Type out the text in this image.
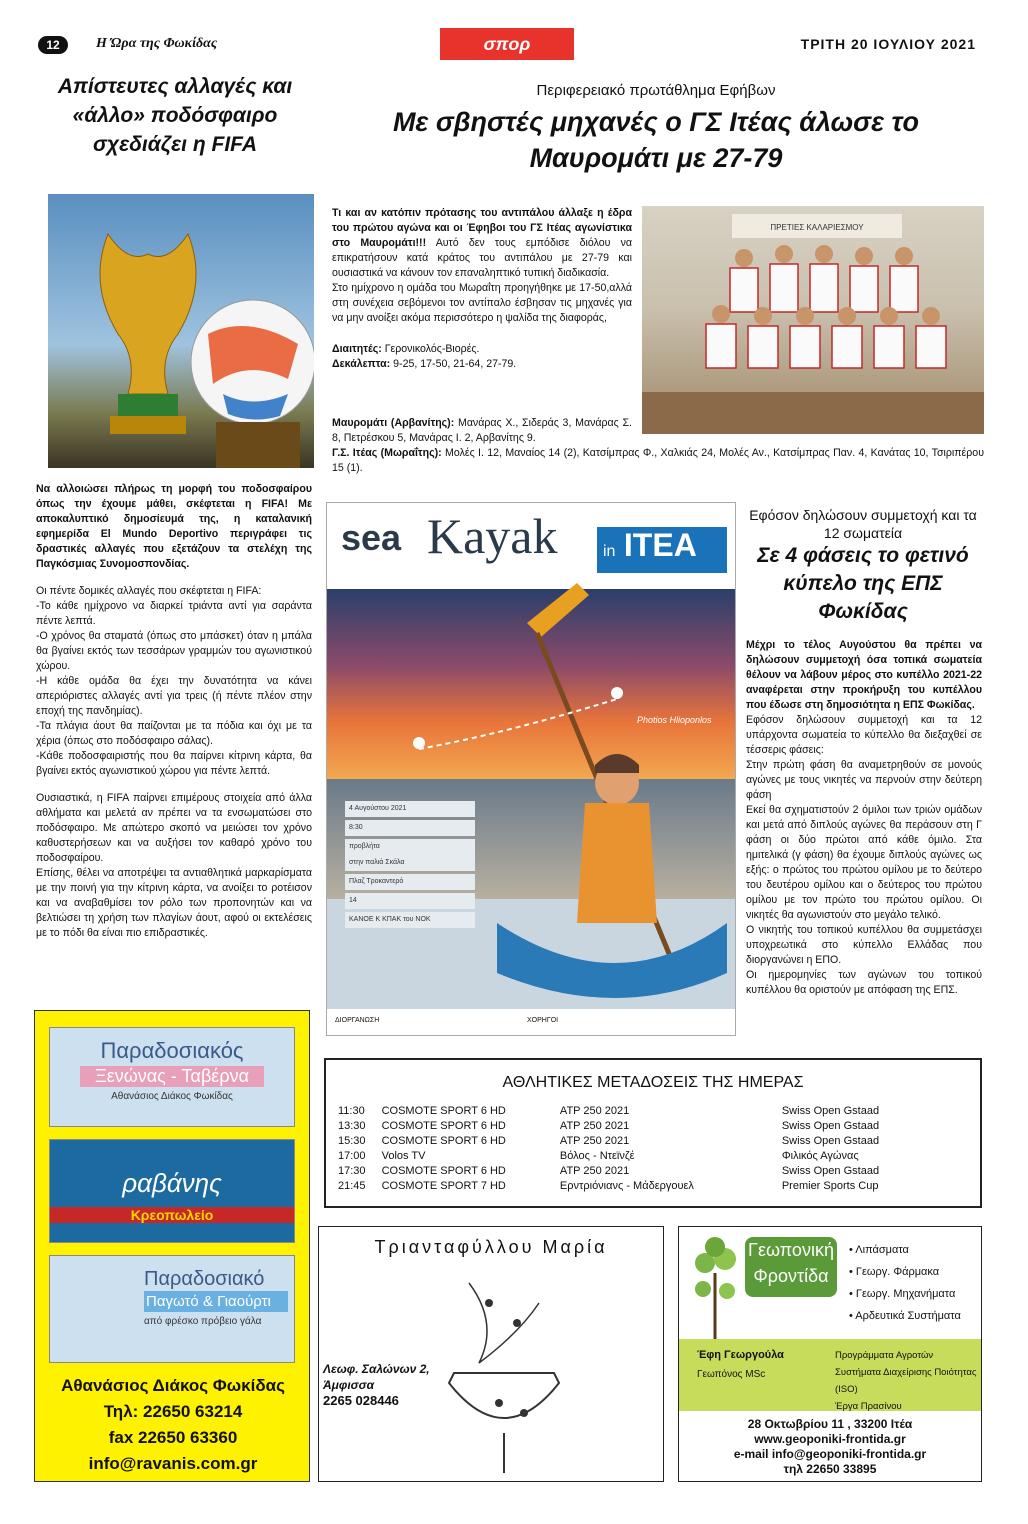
12	Η Ώρα της Φωκίδας	σπορ	ΤΡΙΤΗ 20 ΙΟΥΛΙΟΥ 2021
Απίστευτες αλλαγές και «άλλο» ποδόσφαιρο σχεδιάζει η FIFA

Να αλλοιώσει πλήρως τη μορφή του ποδοσφαίρου όπως την έχουμε μάθει, σκέφτεται η FIFA! Με αποκαλυπτικό δημοσίευμά της, η καταλανική εφημερίδα El Mundo Deportivo περιγράφει τις δραστικές αλλαγές που εξετάζουν τα στελέχη της Παγκόσμιας Συνομοσπονδίας.

Οι πέντε δομικές αλλαγές που σκέφτεται η FIFA:

-Το κάθε ημίχρονο να διαρκεί τριάντα αντί για σαράντα πέντε λεπτά.

-Ο χρόνος θα σταματά (όπως στο μπάσκετ) όταν η μπάλα θα βγαίνει εκτός των τεσσάρων γραμμών του αγωνιστικού χώρου.

-Η κάθε ομάδα θα έχει την δυνατότητα να κάνει απεριόριστες αλλαγές αντί για τρεις (ή πέντε πλέον στην εποχή της πανδημίας).

-Τα πλάγια άουτ θα παίζονται με τα πόδια και όχι με τα χέρια (όπως στο ποδόσφαιρο σάλας).

-Κάθε ποδοσφαιριστής που θα παίρνει κίτρινη κάρτα, θα βγαίνει εκτός αγωνιστικού χώρου για πέντε λεπτά.

Ουσιαστικά, η FIFA παίρνει επιμέρους στοιχεία από άλλα αθλήματα και μελετά αν πρέπει να τα ενσωματώσει στο ποδόσφαιρο. Με απώτερο σκοπό να μειώσει τον χρόνο καθυστερήσεων και να αυξήσει τον καθαρό χρόνο του ποδοσφαίρου.

Επίσης, θέλει να αποτρέψει τα αντιαθλητικά μαρκαρίσματα με την ποινή για την κίτρινη κάρτα, να ανοίξει το ροτέισον και να αναβαθμίσει τον ρόλο των προπονητών και να βελτιώσει τη χρήση των πλαγίων άουτ, αφού οι εκτελέσεις με το πόδι θα είναι πιο επιδραστικές.

Περιφερειακό πρωτάθλημα Εφήβων
Με σβηστές μηχανές ο ΓΣ Ιτέας άλωσε το Μαυρομάτι με 27-79

Τι και αν κατόπιν πρότασης του αντιπάλου άλλαξε η έδρα του πρώτου αγώνα και οι Έφηβοι του ΓΣ Ιτέας αγωνίστικα στο Μαυρομάτι!!! Αυτό δεν τους εμπόδισε διόλου να επικρατήσουν κατά κράτος του αντιπάλου με 27-79 και ουσιαστικά να κάνουν τον επαναληπτικό τυπική διαδικασία.

Στο ημίχρονο η ομάδα του Μωραΐτη προηγήθηκε με 17-50,αλλά στη συνέχεια σεβόμενοι τον αντίπαλο έσβησαν τις μηχανές για να μην ανοίξει ακόμα περισσότερο η ψαλίδα της διαφοράς,

Διαιτητές: Γερονικολός-Βιορές.

Δεκάλεπτα: 9-25, 17-50, 21-64, 27-79.

ΠΡΕΤΙΕΣ ΚΑΛΑΡΙΕΣΜΟΥ

Μαυρομάτι (Αρβανίτης): Μανάρας Χ., Σιδεράς 3, Μανάρας Σ. 8, Πετρέσκου 5, Μανάρας Ι. 2, Αρβανίτης 9.

Γ.Σ. Ιτέας (Μωραΐτης): Μολές Ι. 12, Μαναίος 14 (2), Κατσίμπρας Φ., Χαλκιάς 24, Μολές Αν., Κατσίμπρας Παν. 4, Κανάτας 10, Τσιριπέρου 15 (1).

sea Kayak	in ITEA
Photios Hlioponlos
4 Αυγούστου 2021
8:30
προβλήτα
στην παλιά Σκάλα
Πλαζ Τροκαντερό
14
ΚΑΝΟΕ Κ ΚΠΑΚ του ΝΟΚ
ΔΙΟΡΓΑΝΩΣΗ	ΧΟΡΗΓΟΙ
Εφόσον δηλώσουν συμμετοχή και τα 12 σωματεία
Σε 4 φάσεις το φετινό κύπελο της ΕΠΣ Φωκίδας

Μέχρι το τέλος Αυγούστου θα πρέπει να δηλώσουν συμμετοχή όσα τοπικά σωματεία θέλουν να λάβουν μέρος στο κυπέλλο 2021-22 αναφέρεται στην προκήρυξη του κυπέλλου που έδωσε στη δημοσιότητα η ΕΠΣ Φωκίδας.

Εφόσον δηλώσουν συμμετοχή και τα 12 υπάρχοντα σωματεία το κύπελλο θα διεξαχθεί σε τέσσερις φάσεις:

Στην πρώτη φάση θα αναμετρηθούν σε μονούς αγώνες με τους νικητές να περνούν στην δεύτερη φάση

Εκεί θα σχηματιστούν 2 όμιλοι των τριών ομάδων και μετά από διπλούς αγώνες θα περάσουν στη Γ φάση οι δύο πρώτοι από κάθε όμιλο. Στα ημιτελικά (γ φάση) θα έχουμε διπλούς αγώνες ως εξής: ο πρώτος του πρώτου ομίλου με το δεύτερο του δευτέρου ομίλου και ο δεύτερος του πρώτου ομίλου με τον πρώτο του πρώτου ομίλου. Οι νικητές θα αγωνιστούν στο μεγάλο τελικό.

Ο νικητής του τοπικού κυπέλλου θα συμμετάσχει υποχρεωτικά στο κύπελλο Ελλάδας που διοργανώνει η ΕΠΟ.

Οι ημερομηνίες των αγώνων του τοπικού κυπέλλου θα οριστούν με απόφαση της ΕΠΣ.

Παραδοσιακός
Ξενώνας - Ταβέρνα
Αθανάσιος Διάκος Φωκίδας
ραβάνης
Κρεοπωλείο
Παραδοσιακό
Παγωτό & Γιαούρτι
από φρέσκο πρόβειο γάλα
Αθανάσιος Διάκος Φωκίδας
Τηλ: 22650 63214
fax 22650 63360
info@ravanis.com.gr
ΑΘΛΗΤΙΚΕΣ ΜΕΤΑΔΟΣΕΙΣ ΤΗΣ ΗΜΕΡΑΣ
11:30	COSMOTE SPORT 6 HD	ATP 250 2021	Swiss Open Gstaad
13:30	COSMOTE SPORT 6 HD	ATP 250 2021	Swiss Open Gstaad
15:30	COSMOTE SPORT 6 HD	ATP 250 2021	Swiss Open Gstaad
17:00	Volos TV	Βόλος - Ντεϊνζέ	Φιλικός Αγώνας
17:30	COSMOTE SPORT 6 HD	ATP 250 2021	Swiss Open Gstaad
21:45	COSMOTE SPORT 7 HD	Ερντριόνιανς - Μάδεργουελ	Premier Sports Cup
Τριανταφύλλου Μαρία
Λεωφ. Σαλώνων 2,
Άμφισσα
2265 028446
Γεωπονική
Φροντίδα
• Λιπάσματα
• Γεωργ. Φάρμακα
• Γεωργ. Μηχανήματα
• Αρδευτικά Συστήματα
Έφη Γεωργούλα
Γεωπόνος MSc
Προγράμματα Αγροτών
Συστήματα Διαχείρισης Ποιότητας (ISO)
Έργα Πρασίνου
28 Οκτωβρίου 11 , 33200 Ιτέα
www.geoponiki-frontida.gr
e-mail info@geoponiki-frontida.gr
τηλ 22650 33895
